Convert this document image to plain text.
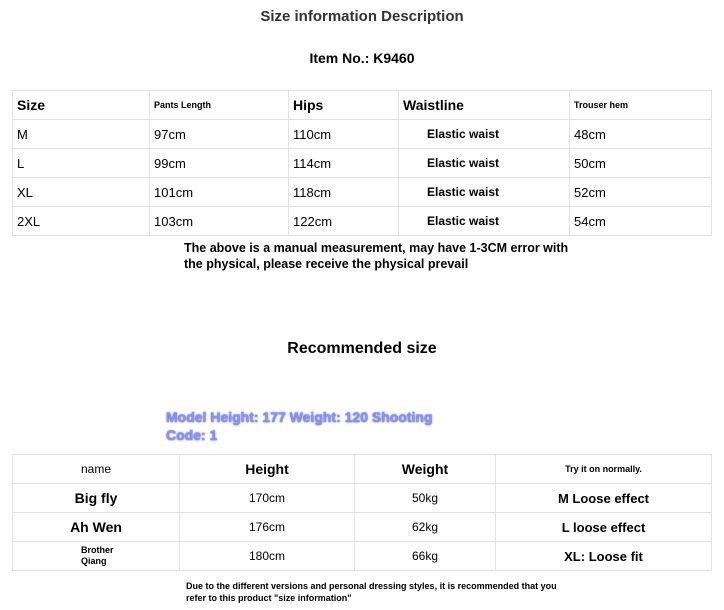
Size information Description
Item No.: K9460
Size	Pants Length	Hips	Waistline	Trouser hem
M	97cm	110cm	Elastic waist	48cm
L	99cm	114cm	Elastic waist	50cm
XL	101cm	118cm	Elastic waist	52cm
2XL	103cm	122cm	Elastic waist	54cm
The above is a manual measurement, may have 1-3CM error with
the physical, please receive the physical prevail
Recommended size
Model Height: 177 Weight: 120 Shooting
Code: 1
name	Height	Weight	Try it on normally.
Big fly	170cm	50kg	M Loose effect
Ah Wen	176cm	62kg	L loose effect

Brother
Qiang	180cm	66kg	XL: Loose fit
Due to the different versions and personal dressing styles, it is recommended that you
refer to this product "size information"
